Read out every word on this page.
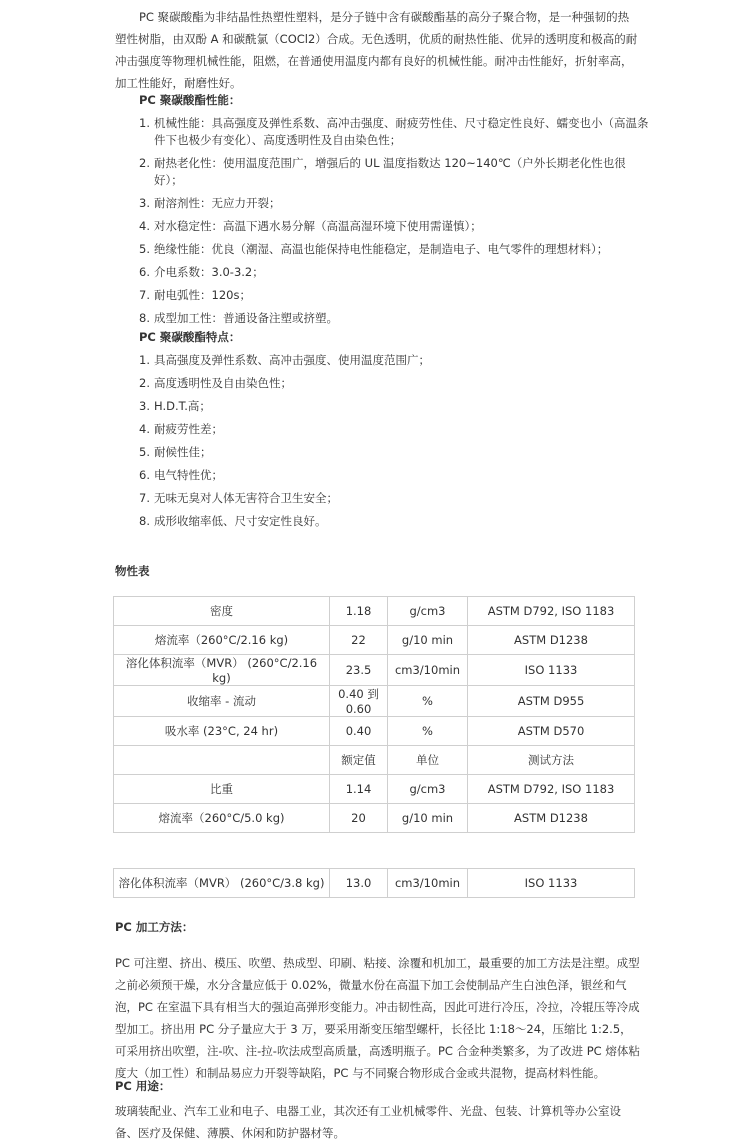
PC 聚碳酸酯为非结晶性热塑性塑料，是分子链中含有碳酸酯基的高分子聚合物，是一种强韧的热塑性树脂，由双酚 A 和碳酰氯（COCl2）合成。无色透明，优质的耐热性能、优异的透明度和极高的耐冲击强度等物理机械性能，阻燃，在普通使用温度内都有良好的机械性能。耐冲击性能好，折射率高，加工性能好，耐磨性好。

PC 聚碳酸酯性能：

1. 机械性能：具高强度及弹性系数、高冲击强度、耐疲劳性佳、尺寸稳定性良好、蠕变也小（高温条件下也极少有变化）、高度透明性及自由染色性；
2. 耐热老化性：使用温度范围广，增强后的 UL 温度指数达 120~140℃（户外长期老化性也很好）；
3. 耐溶剂性：无应力开裂；
4. 对水稳定性：高温下遇水易分解（高温高湿环境下使用需谨慎）；
5. 绝缘性能：优良（潮湿、高温也能保持电性能稳定，是制造电子、电气零件的理想材料）；
6. 介电系数：3.0-3.2；
7. 耐电弧性：120s；
8. 成型加工性：普通设备注塑或挤塑。

PC 聚碳酸酯特点：

1. 具高强度及弹性系数、高冲击强度、使用温度范围广；
2. 高度透明性及自由染色性；
3. H.D.T.高；
4. 耐疲劳性差；
5. 耐候性佳；
6. 电气特性优；
7. 无味无臭对人体无害符合卫生安全；
8. 成形收缩率低、尺寸安定性良好。

物性表

密度	1.18	g/cm3	ASTM D792, ISO 1183
熔流率（260°C/2.16 kg)	22	g/10 min	ASTM D1238
溶化体积流率（MVR） (260°C/2.16 kg)	23.5	cm3/10min	ISO 1133
收缩率 - 流动	0.40 到 0.60	%	ASTM D955
吸水率 (23°C, 24 hr)	0.40	%	ASTM D570
	额定值	单位	测试方法
比重	1.14	g/cm3	ASTM D792, ISO 1183
熔流率（260°C/5.0 kg)	20	g/10 min	ASTM D1238
溶化体积流率（MVR） (260°C/3.8 kg)	13.0	cm3/10min	ISO 1133

PC 加工方法：

PC 可注塑、挤出、模压、吹塑、热成型、印刷、粘接、涂覆和机加工，最重要的加工方法是注塑。成型之前必须预干燥，水分含量应低于 0.02%，微量水份在高温下加工会使制品产生白浊色泽，银丝和气泡，PC 在室温下具有相当大的强迫高弹形变能力。冲击韧性高，因此可进行冷压，冷拉，冷辊压等冷成型加工。挤出用 PC 分子量应大于 3 万，要采用渐变压缩型螺杆，长径比 1:18～24，压缩比 1:2.5，可采用挤出吹塑，注-吹、注-拉-吹法成型高质量，高透明瓶子。PC 合金种类繁多，为了改进 PC 熔体粘度大（加工性）和制品易应力开裂等缺陷，PC 与不同聚合物形成合金或共混物，提高材料性能。

PC 用途：

玻璃装配业、汽车工业和电子、电器工业，其次还有工业机械零件、光盘、包装、计算机等办公室设备、医疗及保健、薄膜、休闲和防护器材等。
